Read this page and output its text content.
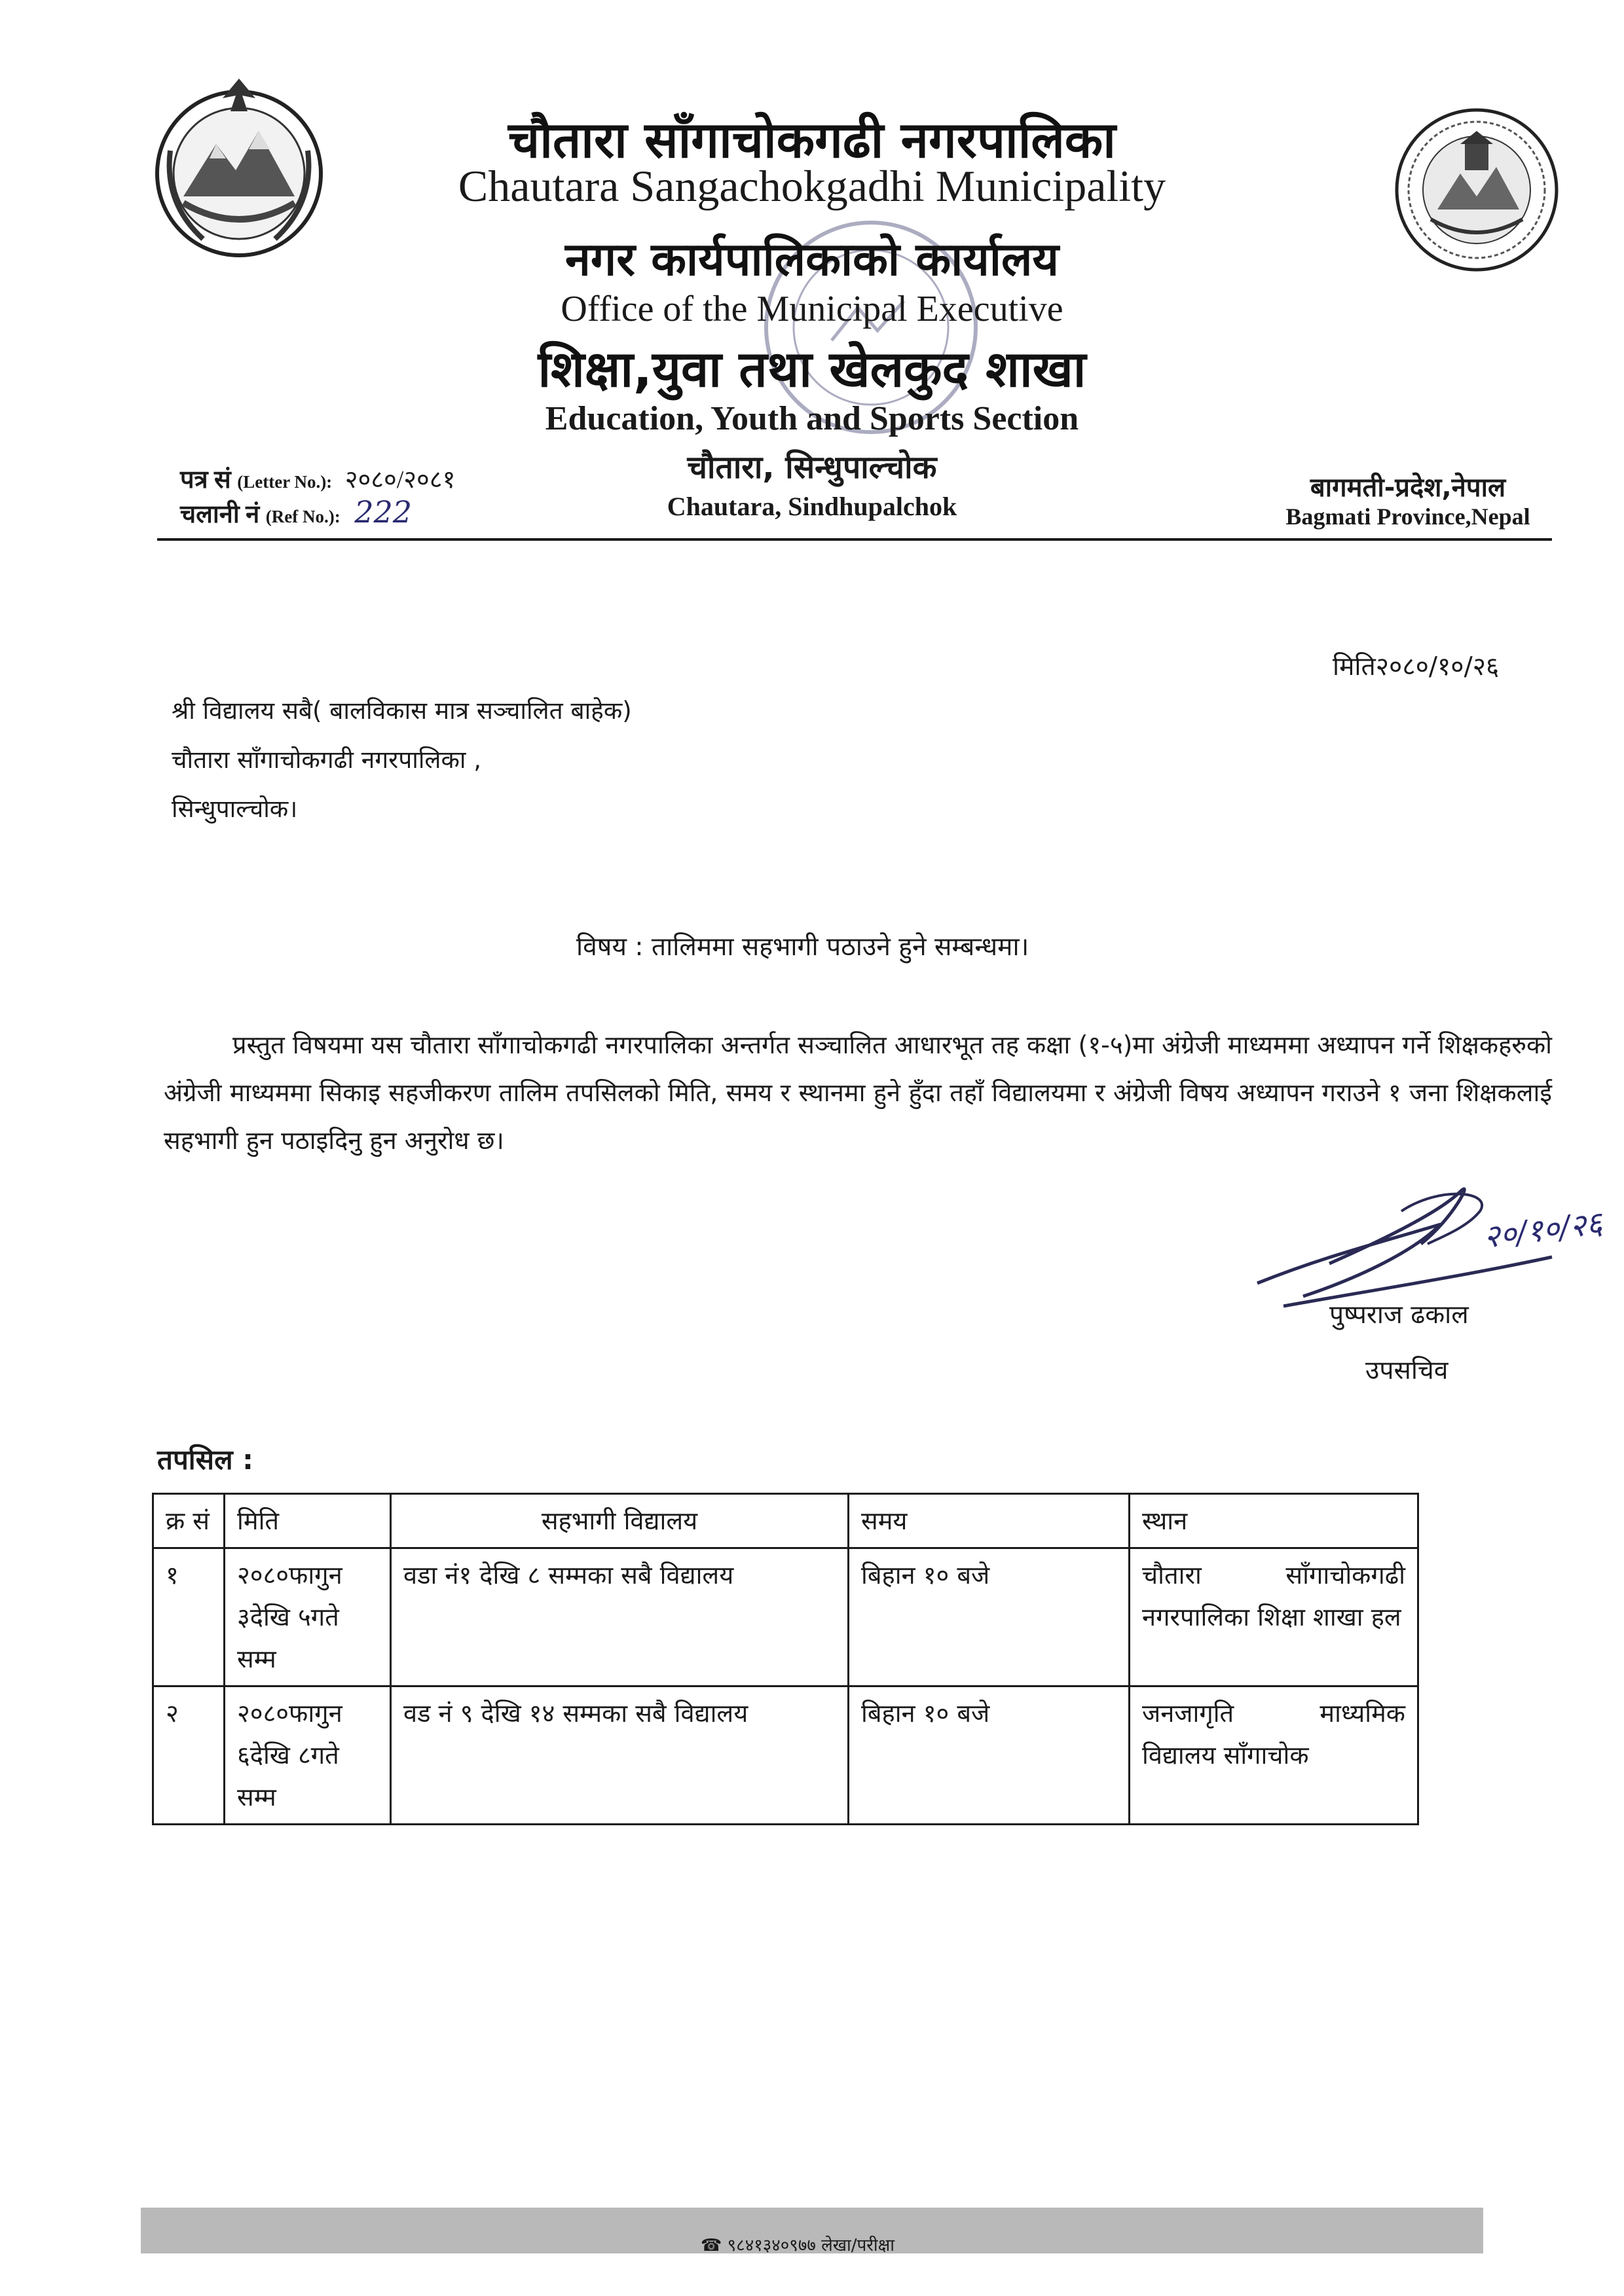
चौतारा साँगाचोकगढी नगरपालिका
Chautara Sangachokgadhi Municipality
नगर कार्यपालिकाको कार्यालय
Office of the Municipal Executive
शिक्षा,युवा तथा खेलकुद शाखा
Education, Youth and Sports Section
चौतारा, सिन्धुपाल्चोक
Chautara, Sindhupalchok
पत्र सं (Letter No.): २०८०/२०८१
चलानी नं (Ref No.): 222
बागमती-प्रदेश,नेपाल
Bagmati Province,Nepal
मिति२०८०/१०/२६
श्री विद्यालय सबै( बालविकास मात्र सञ्चालित बाहेक)
चौतारा साँगाचोकगढी नगरपालिका ,
सिन्धुपाल्चोक।
विषय : तालिममा सहभागी पठाउने हुने सम्बन्धमा।
प्रस्तुत विषयमा यस चौतारा साँगाचोकगढी नगरपालिका अन्तर्गत सञ्चालित आधारभूत तह कक्षा (१-५)मा अंग्रेजी माध्यममा अध्यापन गर्ने शिक्षकहरुको अंग्रेजी माध्यममा सिकाइ सहजीकरण तालिम तपसिलको मिति, समय र स्थानमा हुने हुँदा तहाँ विद्यालयमा र अंग्रेजी विषय अध्यापन गराउने १ जना शिक्षकलाई सहभागी हुन पठाइदिनु हुन अनुरोध छ।
२०/१०/२६
पुष्पराज ढकाल
उपसचिव
तपसिल :
क्र सं	मिति	सहभागी विद्यालय	समय	स्थान
१	२०८०फागुन ३देखि ५गते सम्म	वडा नं१ देखि ८ सम्मका सबै विद्यालय	बिहान १० बजे	चौतारा साँगाचोकगढी नगरपालिका शिक्षा शाखा हल
२	२०८०फागुन ६देखि ८गते सम्म	वड नं ९ देखि १४ सम्मका सबै विद्यालय	बिहान १० बजे	जनजागृति माध्यमिक विद्यालय साँगाचोक
☎ ९८४१३४०९७७ लेखा/परीक्षा
